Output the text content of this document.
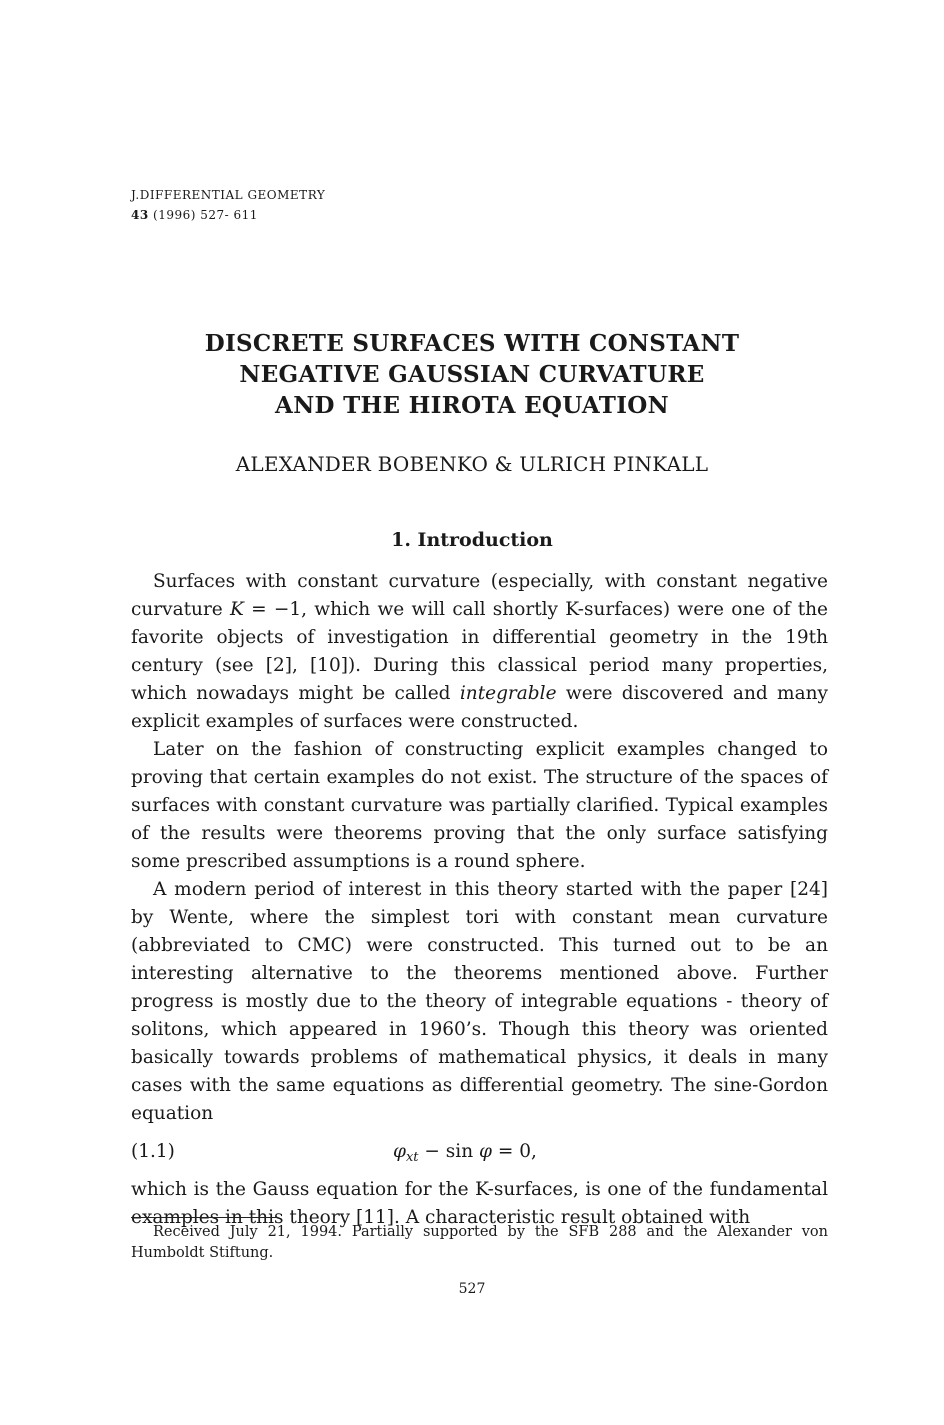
J.DIFFERENTIAL GEOMETRY
43 (1996) 527- 611
DISCRETE SURFACES WITH CONSTANT
NEGATIVE GAUSSIAN CURVATURE
AND THE HIROTA EQUATION
ALEXANDER BOBENKO & ULRICH PINKALL
1. Introduction

Surfaces with constant curvature (especially, with constant negative curvature K = −1, which we will call shortly K-surfaces) were one of the favorite objects of investigation in differential geometry in the 19th century (see [2], [10]). During this classical period many properties, which nowadays might be called integrable were discovered and many explicit examples of surfaces were constructed.

Later on the fashion of constructing explicit examples changed to proving that certain examples do not exist. The structure of the spaces of surfaces with constant curvature was partially clarified. Typical examples of the results were theorems proving that the only surface satisfying some prescribed assumptions is a round sphere.

A modern period of interest in this theory started with the paper [24] by Wente, where the simplest tori with constant mean curvature (abbreviated to CMC) were constructed. This turned out to be an interesting alternative to the theorems mentioned above. Further progress is mostly due to the theory of integrable equations - theory of solitons, which appeared in 1960’s. Though this theory was oriented basically towards problems of mathematical physics, it deals in many cases with the same equations as differential geometry. The sine-Gordon equation

(1.1)	$\varphi_{xt} - \sin \varphi = 0$,

which is the Gauss equation for the K-surfaces, is one of the fundamental examples in this theory [11]. A characteristic result obtained with

Received July 21, 1994. Partially supported by the SFB 288 and the Alexander von Humboldt Stiftung.
527
